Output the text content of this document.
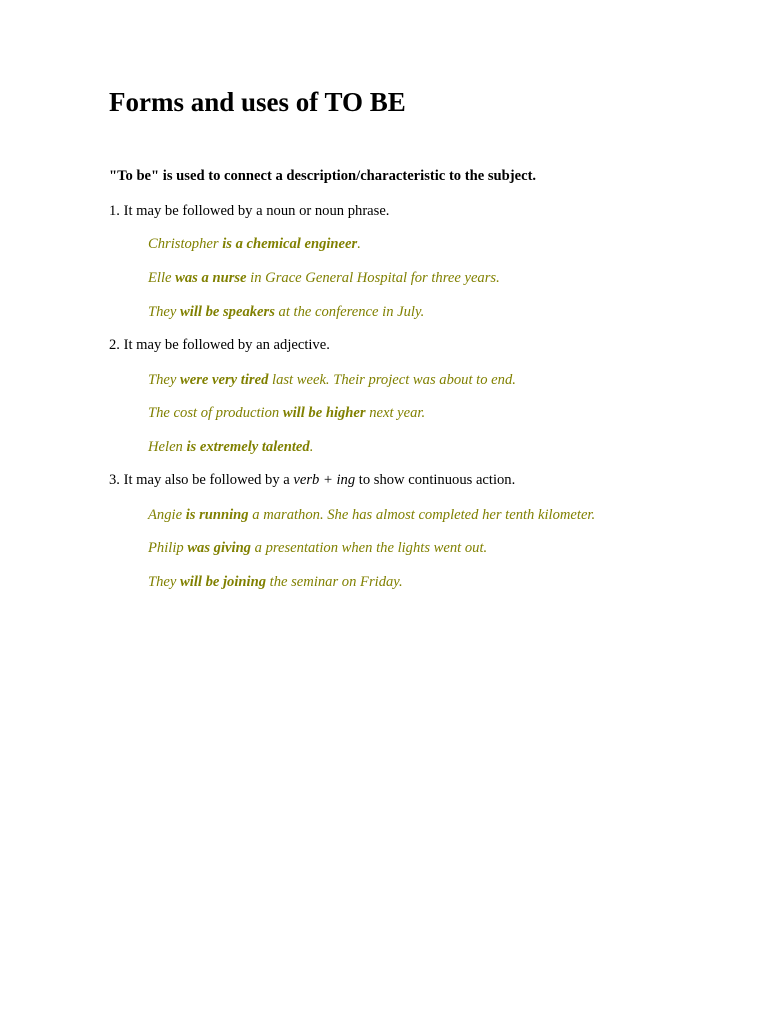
Forms and uses of TO BE

"To be" is used to connect a description/characteristic to the subject.

1. It may be followed by a noun or noun phrase.

Christopher is a chemical engineer.

Elle was a nurse in Grace General Hospital for three years.

They will be speakers at the conference in July.

2. It may be followed by an adjective.

They were very tired last week. Their project was about to end.

The cost of production will be higher next year.

Helen is extremely talented.

3. It may also be followed by a verb + ing to show continuous action.

Angie is running a marathon. She has almost completed her tenth kilometer.

Philip was giving a presentation when the lights went out.

They will be joining the seminar on Friday.
